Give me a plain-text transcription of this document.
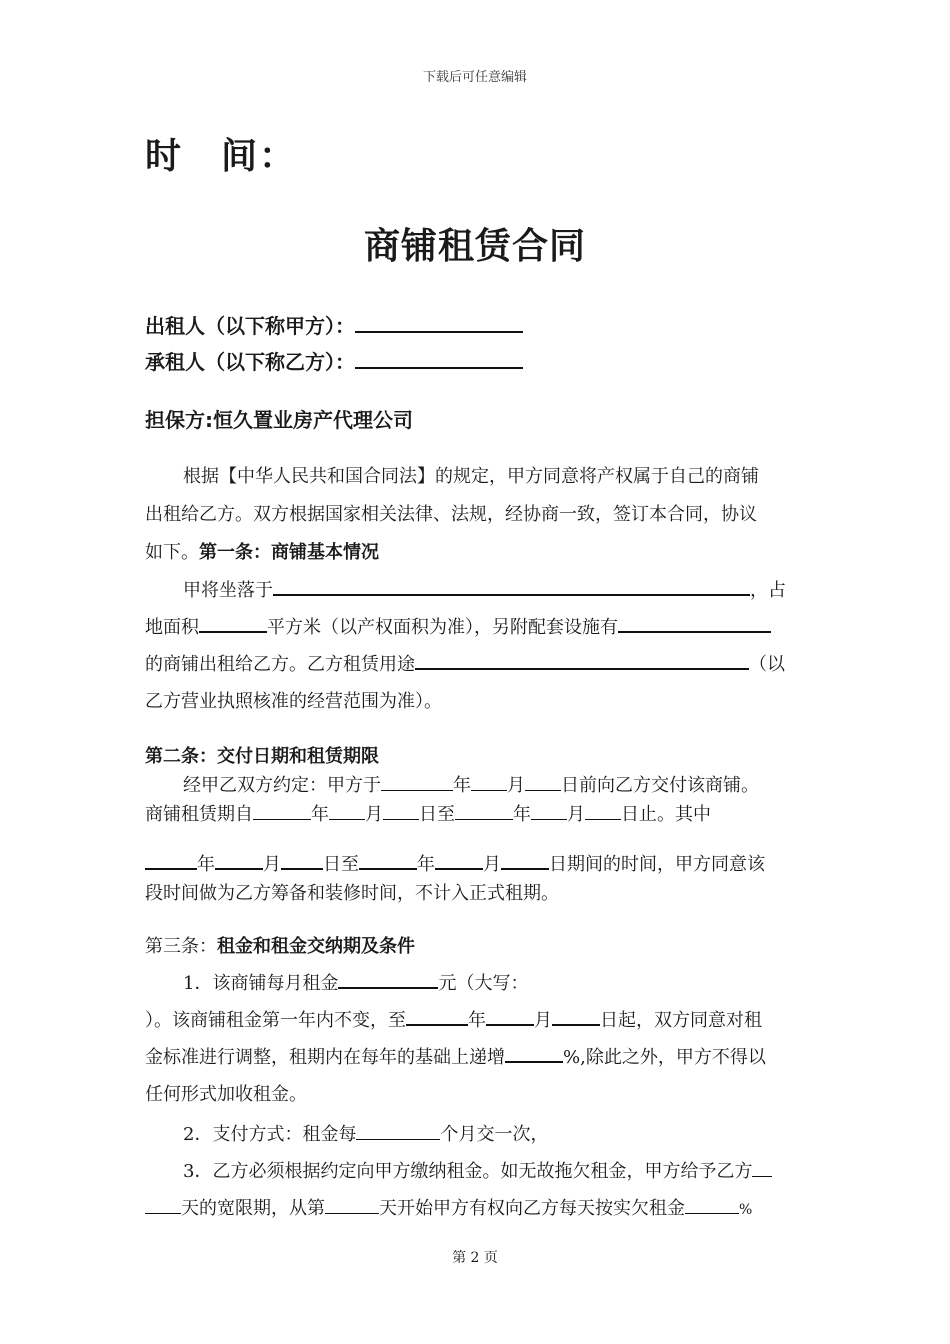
下载后可任意编辑
时　间：
商铺租赁合同
出租人（以下称甲方）：
承租人（以下称乙方）：
担保方:恒久置业房产代理公司
根据【中华人民共和国合同法】的规定，甲方同意将产权属于自己的商铺
出租给乙方。双方根据国家相关法律、法规，经协商一致，签订本合同，协议
如下。第一条：商铺基本情况
甲将坐落于	，占
地面积	平方米（以产权面积为准），另附配套设施有
的商铺出租给乙方。乙方租赁用途	（以
乙方营业执照核准的经营范围为准）。
第二条：交付日期和租赁期限
经甲乙双方约定：甲方于	年 月 日前向乙方交付该商铺。
商铺租赁期自	年 月 日至	年 月 日止。其中
年	月 日至	年	月	日期间的时间，甲方同意该
段时间做为乙方筹备和装修时间，不计入正式租期。
第三条：租金和租金交纳期及条件
1．该商铺每月租金	元（大写：
）。该商铺租金第一年内不变，至	年	月	日起，双方同意对租
金标准进行调整，租期内在每年的基础上递增	%,除此之外，甲方不得以
任何形式加收租金。
2．支付方式：租金每	个月交一次，
3．乙方必须根据约定向甲方缴纳租金。如无故拖欠租金，甲方给予乙方
天的宽限期，从第	天开始甲方有权向乙方每天按实欠租金	%
第 2 页
